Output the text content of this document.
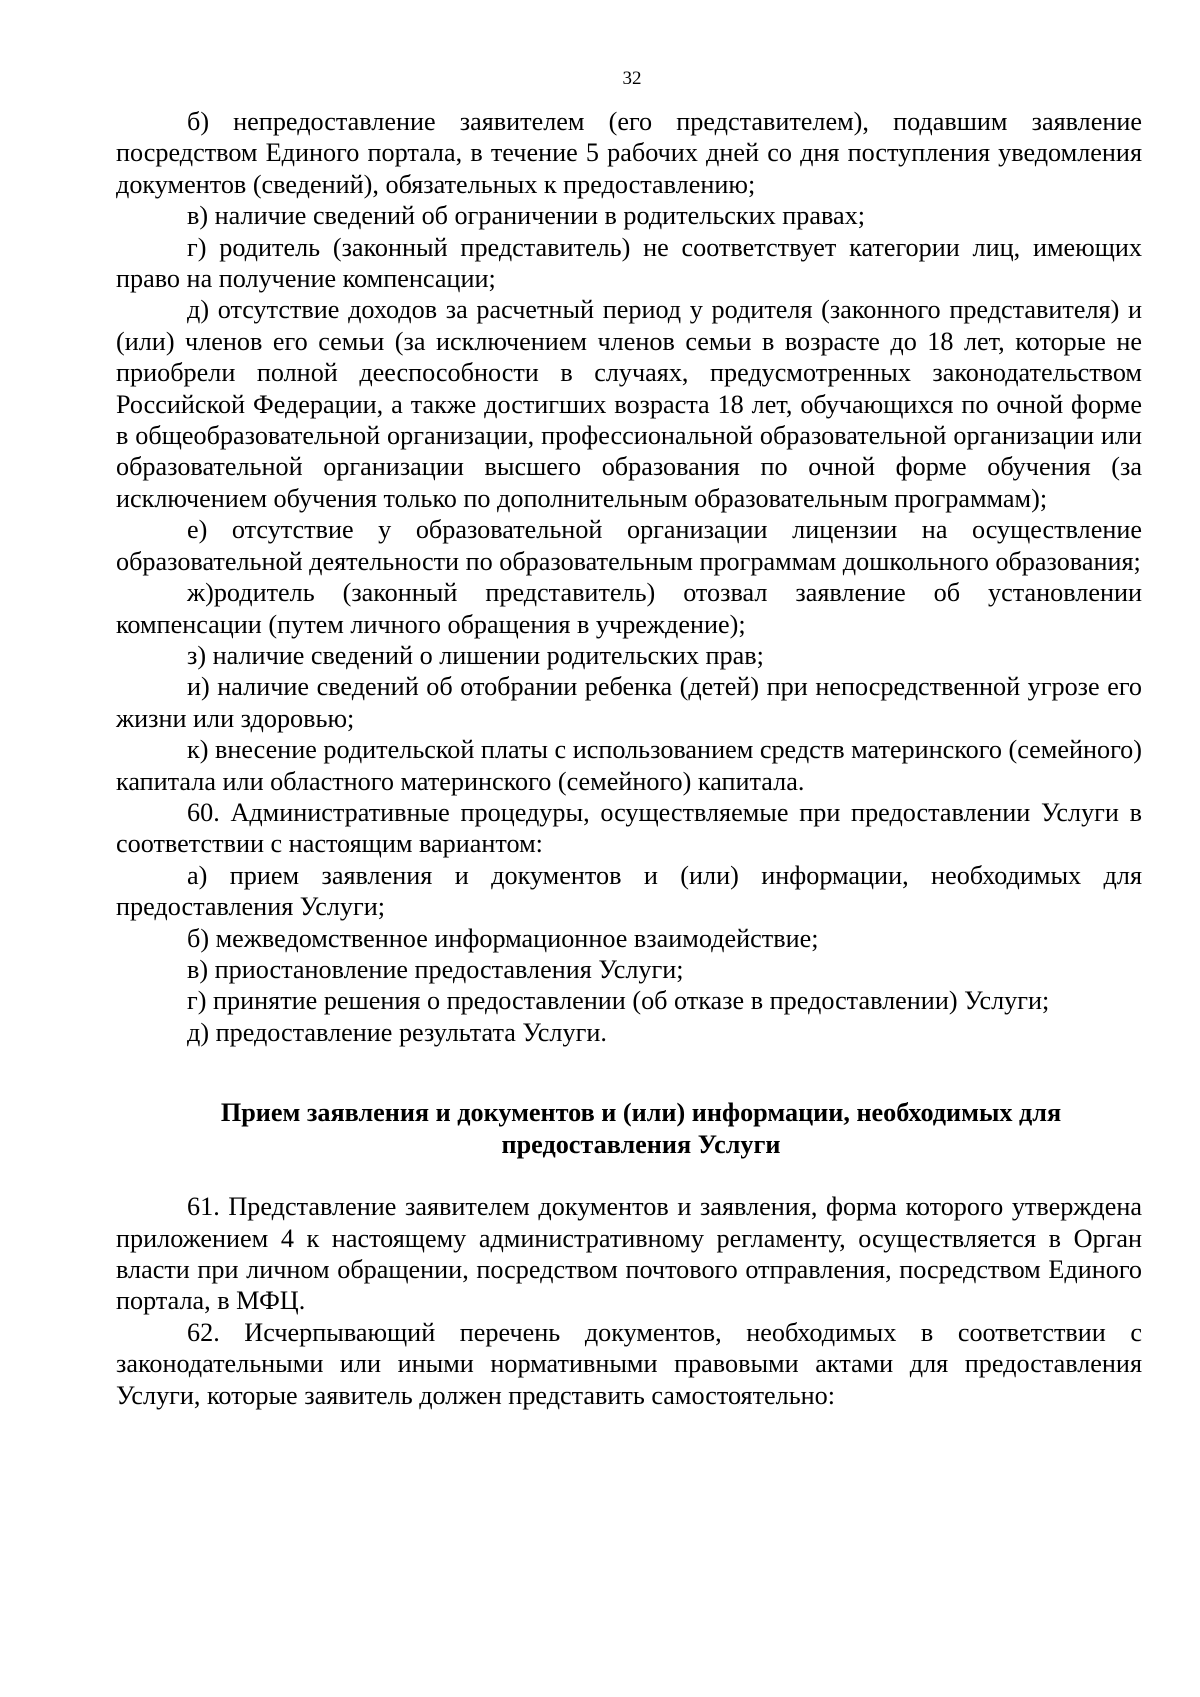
32

б) непредоставление заявителем (его представителем), подавшим заявление посредством Единого портала, в течение 5 рабочих дней со дня поступления уведомления документов (сведений), обязательных к предоставлению;

в) наличие сведений об ограничении в родительских правах;

г) родитель (законный представитель) не соответствует категории лиц, имеющих право на получение компенсации;

д) отсутствие доходов за расчетный период у родителя (законного представителя) и (или) членов его семьи (за исключением членов семьи в возрасте до 18 лет, которые не приобрели полной дееспособности в случаях, предусмотренных законодательством Российской Федерации, а также достигших возраста 18 лет, обучающихся по очной форме в общеобразовательной организации, профессиональной образовательной организации или образовательной организации высшего образования по очной форме обучения (за исключением обучения только по дополнительным образовательным программам);

е) отсутствие у образовательной организации лицензии на осуществление образовательной деятельности по образовательным программам дошкольного образования;

ж)родитель (законный представитель) отозвал заявление об установлении компенсации (путем личного обращения в учреждение);

з) наличие сведений о лишении родительских прав;

и) наличие сведений об отобрании ребенка (детей) при непосредственной угрозе его жизни или здоровью;

к) внесение родительской платы с использованием средств материнского (семейного) капитала или областного материнского (семейного) капитала.

60. Административные процедуры, осуществляемые при предоставлении Услуги в соответствии с настоящим вариантом:

а) прием заявления и документов и (или) информации, необходимых для предоставления Услуги;

б) межведомственное информационное взаимодействие;

в) приостановление предоставления Услуги;

г) принятие решения о предоставлении (об отказе в предоставлении) Услуги;

д) предоставление результата Услуги.

Прием заявления и документов и (или) информации, необходимых для предоставления Услуги

61. Представление заявителем документов и заявления, форма которого утверждена приложением 4 к настоящему административному регламенту, осуществляется в Орган власти при личном обращении, посредством почтового отправления, посредством Единого портала, в МФЦ.

62. Исчерпывающий перечень документов, необходимых в соответствии с законодательными или иными нормативными правовыми актами для предоставления Услуги, которые заявитель должен представить самостоятельно:
